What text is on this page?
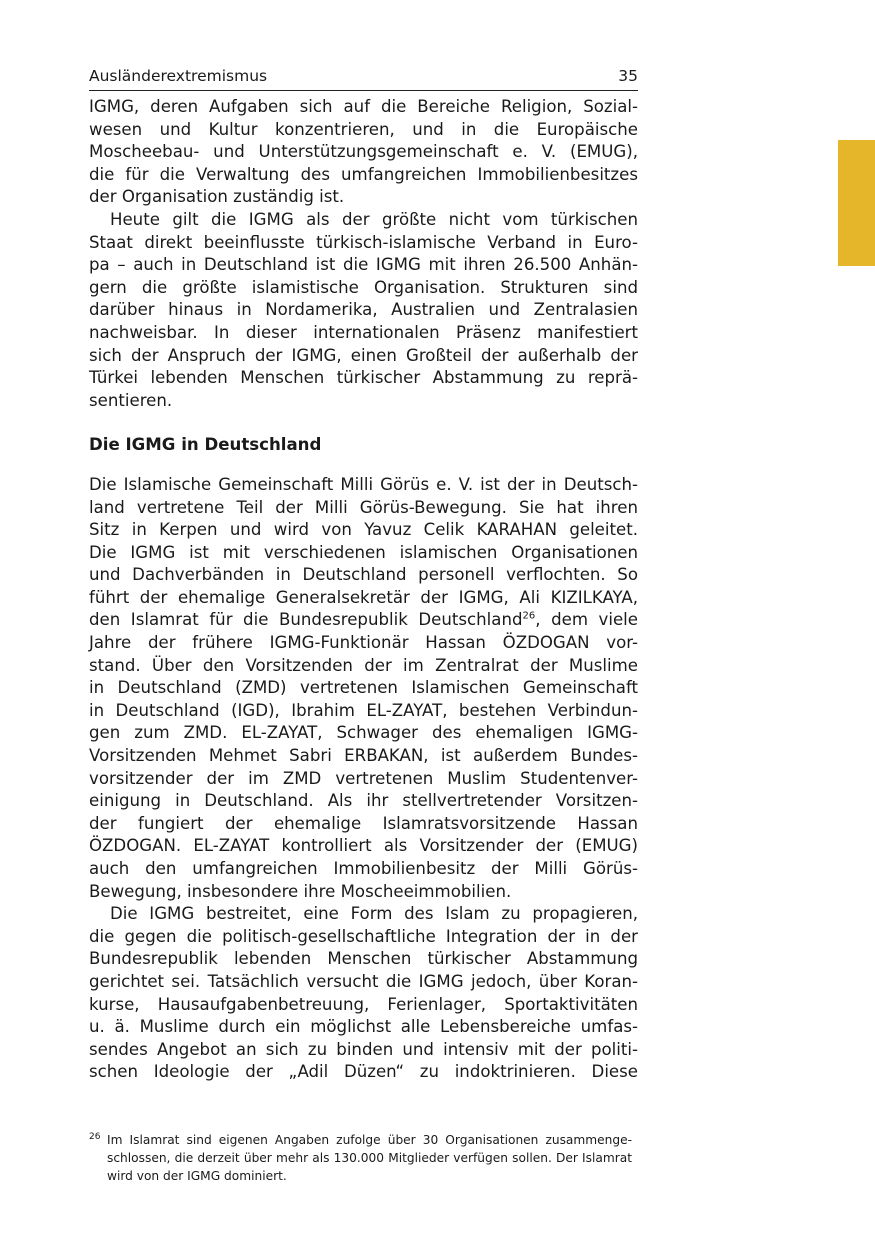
Ausländerextremismus	35
IGMG, deren Aufgaben sich auf die Bereiche Religion, Sozial-
wesen und Kultur konzentrieren, und in die Europäische
Moscheebau- und Unterstützungsgemeinschaft e. V. (EMUG),
die für die Verwaltung des umfangreichen Immobilienbesitzes
der Organisation zuständig ist.
Heute gilt die IGMG als der größte nicht vom türkischen
Staat direkt beeinflusste türkisch-islamische Verband in Euro-
pa – auch in Deutschland ist die IGMG mit ihren 26.500 Anhän-
gern die größte islamistische Organisation. Strukturen sind
darüber hinaus in Nordamerika, Australien und Zentralasien
nachweisbar. In dieser internationalen Präsenz manifestiert
sich der Anspruch der IGMG, einen Großteil der außerhalb der
Türkei lebenden Menschen türkischer Abstammung zu reprä-
sentieren.
Die IGMG in Deutschland
Die Islamische Gemeinschaft Milli Görüs e. V. ist der in Deutsch-
land vertretene Teil der Milli Görüs-Bewegung. Sie hat ihren
Sitz in Kerpen und wird von Yavuz Celik KARAHAN geleitet.
Die IGMG ist mit verschiedenen islamischen Organisationen
und Dachverbänden in Deutschland personell verflochten. So
führt der ehemalige Generalsekretär der IGMG, Ali KIZILKAYA,
den Islamrat für die Bundesrepublik Deutschland$^{26}$, dem viele
Jahre der frühere IGMG-Funktionär Hassan ÖZDOGAN vor-
stand. Über den Vorsitzenden der im Zentralrat der Muslime
in Deutschland (ZMD) vertretenen Islamischen Gemeinschaft
in Deutschland (IGD), Ibrahim EL-ZAYAT, bestehen Verbindun-
gen zum ZMD. EL-ZAYAT, Schwager des ehemaligen IGMG-
Vorsitzenden Mehmet Sabri ERBAKAN, ist außerdem Bundes-
vorsitzender der im ZMD vertretenen Muslim Studentenver-
einigung in Deutschland. Als ihr stellvertretender Vorsitzen-
der fungiert der ehemalige Islamratsvorsitzende Hassan
ÖZDOGAN. EL-ZAYAT kontrolliert als Vorsitzender der (EMUG)
auch den umfangreichen Immobilienbesitz der Milli Görüs-
Bewegung, insbesondere ihre Moscheeimmobilien.
Die IGMG bestreitet, eine Form des Islam zu propagieren,
die gegen die politisch-gesellschaftliche Integration der in der
Bundesrepublik lebenden Menschen türkischer Abstammung
gerichtet sei. Tatsächlich versucht die IGMG jedoch, über Koran-
kurse, Hausaufgabenbetreuung, Ferienlager, Sportaktivitäten
u. ä. Muslime durch ein möglichst alle Lebensbereiche umfas-
sendes Angebot an sich zu binden und intensiv mit der politi-
schen Ideologie der „Adil Düzen“ zu indoktrinieren. Diese
26 Im Islamrat sind eigenen Angaben zufolge über 30 Organisationen zusammenge-
schlossen, die derzeit über mehr als 130.000 Mitglieder verfügen sollen. Der Islamrat
wird von der IGMG dominiert.
